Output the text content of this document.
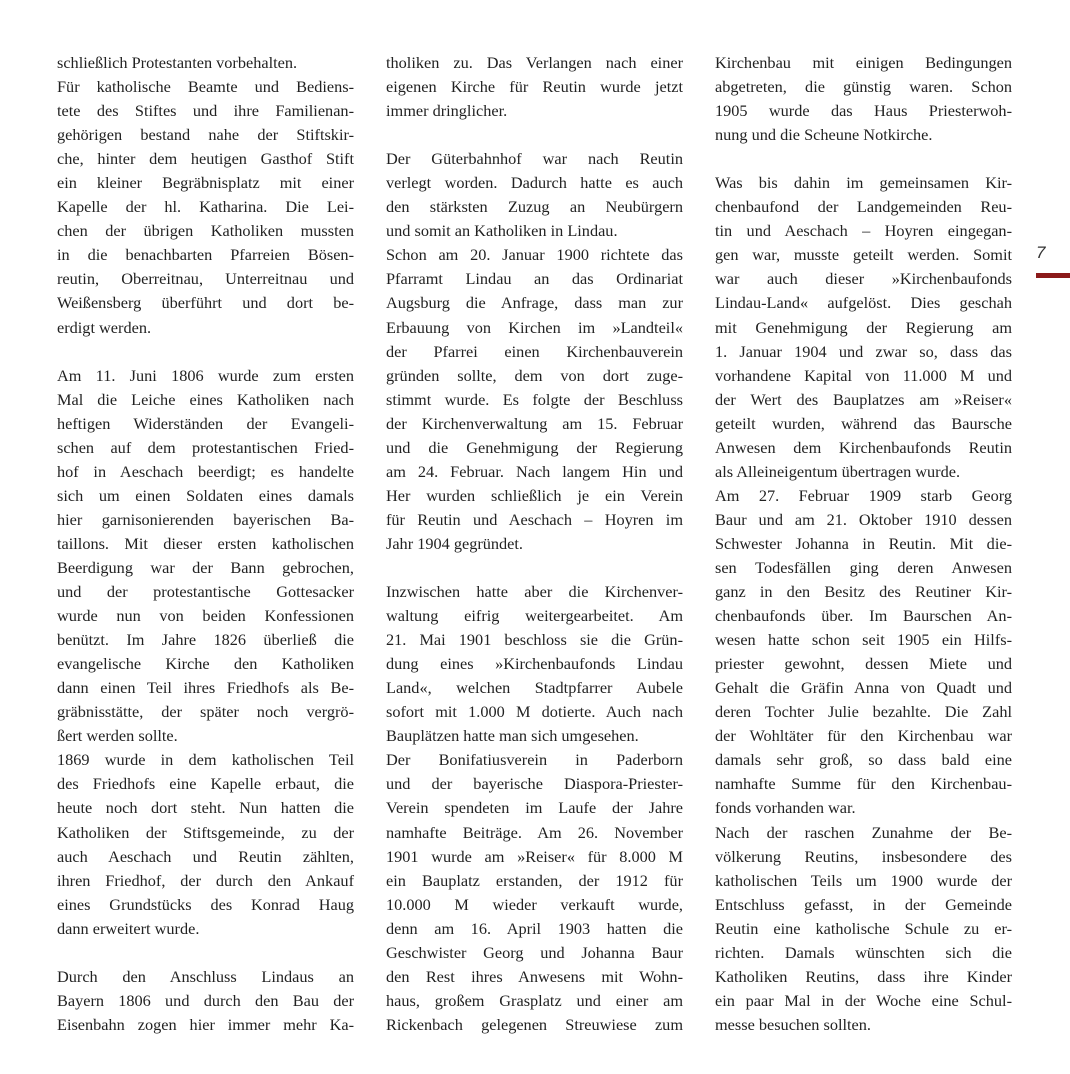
schließlich Protestanten vorbehalten.
Für katholische Beamte und Bediens-
tete des Stiftes und ihre Familienan-
gehörigen bestand nahe der Stiftskir-
che, hinter dem heutigen Gasthof Stift
ein kleiner Begräbnisplatz mit einer
Kapelle der hl. Katharina. Die Lei-
chen der übrigen Katholiken mussten
in die benachbarten Pfarreien Bösen-
reutin, Oberreitnau, Unterreitnau und
Weißensberg überführt und dort be-
erdigt werden.
Am 11. Juni 1806 wurde zum ersten
Mal die Leiche eines Katholiken nach
heftigen Widerständen der Evangeli-
schen auf dem protestantischen Fried-
hof in Aeschach beerdigt; es handelte
sich um einen Soldaten eines damals
hier garnisonierenden bayerischen Ba-
taillons. Mit dieser ersten katholischen
Beerdigung war der Bann gebrochen,
und der protestantische Gottesacker
wurde nun von beiden Konfessionen
benützt. Im Jahre 1826 überließ die
evangelische Kirche den Katholiken
dann einen Teil ihres Friedhofs als Be-
gräbnisstätte, der später noch vergrö-
ßert werden sollte.
1869 wurde in dem katholischen Teil
des Friedhofs eine Kapelle erbaut, die
heute noch dort steht. Nun hatten die
Katholiken der Stiftsgemeinde, zu der
auch Aeschach und Reutin zählten,
ihren Friedhof, der durch den Ankauf
eines Grundstücks des Konrad Haug
dann erweitert wurde.
Durch den Anschluss Lindaus an
Bayern 1806 und durch den Bau der
Eisenbahn zogen hier immer mehr Ka-
tholiken zu. Das Verlangen nach einer
eigenen Kirche für Reutin wurde jetzt
immer dringlicher.
Der Güterbahnhof war nach Reutin
verlegt worden. Dadurch hatte es auch
den stärksten Zuzug an Neubürgern
und somit an Katholiken in Lindau.
Schon am 20. Januar 1900 richtete das
Pfarramt Lindau an das Ordinariat
Augsburg die Anfrage, dass man zur
Erbauung von Kirchen im »Landteil«
der Pfarrei einen Kirchenbauverein
gründen sollte, dem von dort zuge-
stimmt wurde. Es folgte der Beschluss
der Kirchenverwaltung am 15. Februar
und die Genehmigung der Regierung
am 24. Februar. Nach langem Hin und
Her wurden schließlich je ein Verein
für Reutin und Aeschach – Hoyren im
Jahr 1904 gegründet.
Inzwischen hatte aber die Kirchenver-
waltung eifrig weitergearbeitet. Am
21. Mai 1901 beschloss sie die Grün-
dung eines »Kirchenbaufonds Lindau
Land«, welchen Stadtpfarrer Aubele
sofort mit 1.000 M dotierte. Auch nach
Bauplätzen hatte man sich umgesehen.
Der Bonifatiusverein in Paderborn
und der bayerische Diaspora-Priester-
Verein spendeten im Laufe der Jahre
namhafte Beiträge. Am 26. November
1901 wurde am »Reiser« für 8.000 M
ein Bauplatz erstanden, der 1912 für
10.000 M wieder verkauft wurde,
denn am 16. April 1903 hatten die
Geschwister Georg und Johanna Baur
den Rest ihres Anwesens mit Wohn-
haus, großem Grasplatz und einer am
Rickenbach gelegenen Streuwiese zum
Kirchenbau mit einigen Bedingungen
abgetreten, die günstig waren. Schon
1905 wurde das Haus Priesterwoh-
nung und die Scheune Notkirche.
Was bis dahin im gemeinsamen Kir-
chenbaufond der Landgemeinden Reu-
tin und Aeschach – Hoyren eingegan-
gen war, musste geteilt werden. Somit
war auch dieser »Kirchenbaufonds
Lindau-Land« aufgelöst. Dies geschah
mit Genehmigung der Regierung am
1. Januar 1904 und zwar so, dass das
vorhandene Kapital von 11.000 M und
der Wert des Bauplatzes am »Reiser«
geteilt wurden, während das Baursche
Anwesen dem Kirchenbaufonds Reutin
als Alleineigentum übertragen wurde.
Am 27. Februar 1909 starb Georg
Baur und am 21. Oktober 1910 dessen
Schwester Johanna in Reutin. Mit die-
sen Todesfällen ging deren Anwesen
ganz in den Besitz des Reutiner Kir-
chenbaufonds über. Im Baurschen An-
wesen hatte schon seit 1905 ein Hilfs-
priester gewohnt, dessen Miete und
Gehalt die Gräfin Anna von Quadt und
deren Tochter Julie bezahlte. Die Zahl
der Wohltäter für den Kirchenbau war
damals sehr groß, so dass bald eine
namhafte Summe für den Kirchenbau-
fonds vorhanden war.
Nach der raschen Zunahme der Be-
völkerung Reutins, insbesondere des
katholischen Teils um 1900 wurde der
Entschluss gefasst, in der Gemeinde
Reutin eine katholische Schule zu er-
richten. Damals wünschten sich die
Katholiken Reutins, dass ihre Kinder
ein paar Mal in der Woche eine Schul-
messe besuchen sollten.
7
